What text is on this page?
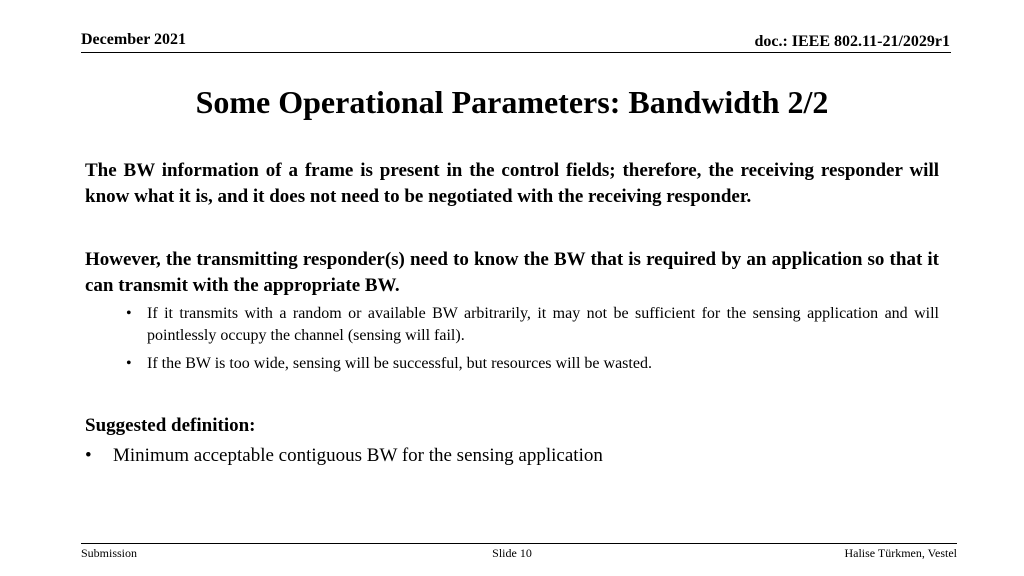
December 2021	doc.: IEEE 802.11-21/2029r1
Some Operational Parameters: Bandwidth 2/2

The BW information of a frame is present in the control fields; therefore, the receiving responder will know what it is, and it does not need to be negotiated with the receiving responder.

However, the transmitting responder(s) need to know the BW that is required by an application so that it can transmit with the appropriate BW.

• If it transmits with a random or available BW arbitrarily, it may not be sufficient for the sensing application and will pointlessly occupy the channel (sensing will fail).
• If the BW is too wide, sensing will be successful, but resources will be wasted.
Suggested definition:
• Minimum acceptable contiguous BW for the sensing application
Submission	Slide 10	Halise Türkmen, Vestel
